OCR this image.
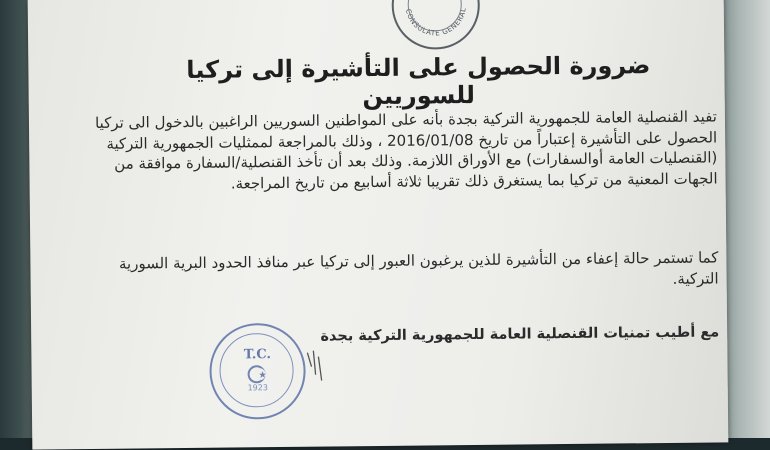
CONSULATE GENERAL
ضرورة الحصول على التأشيرة إلى تركيا للسوريين
تفيد القنصلية العامة للجمهورية التركية بجدة بأنه على المواطنين السوريين الراغبين بالدخول الى تركيا الحصول على التأشيرة إعتباراً من تاريخ 2016/01/08 ، وذلك بالمراجعة لممثليات الجمهورية التركية (القنصليات العامة أوالسفارات) مع الأوراق اللازمة. وذلك بعد أن تأخذ القنصلية/السفارة موافقة من الجهات المعنية من تركيا بما يستغرق ذلك تقريبا ثلاثة أسابيع من تاريخ المراجعة.
كما تستمر حالة إعفاء من التأشيرة للذين يرغبون العبور إلى تركيا عبر منافذ الحدود البرية السورية التركية.
مع أطيب تمنيات القنصلية العامة للجمهورية التركية بجدة
T.C.
1923
